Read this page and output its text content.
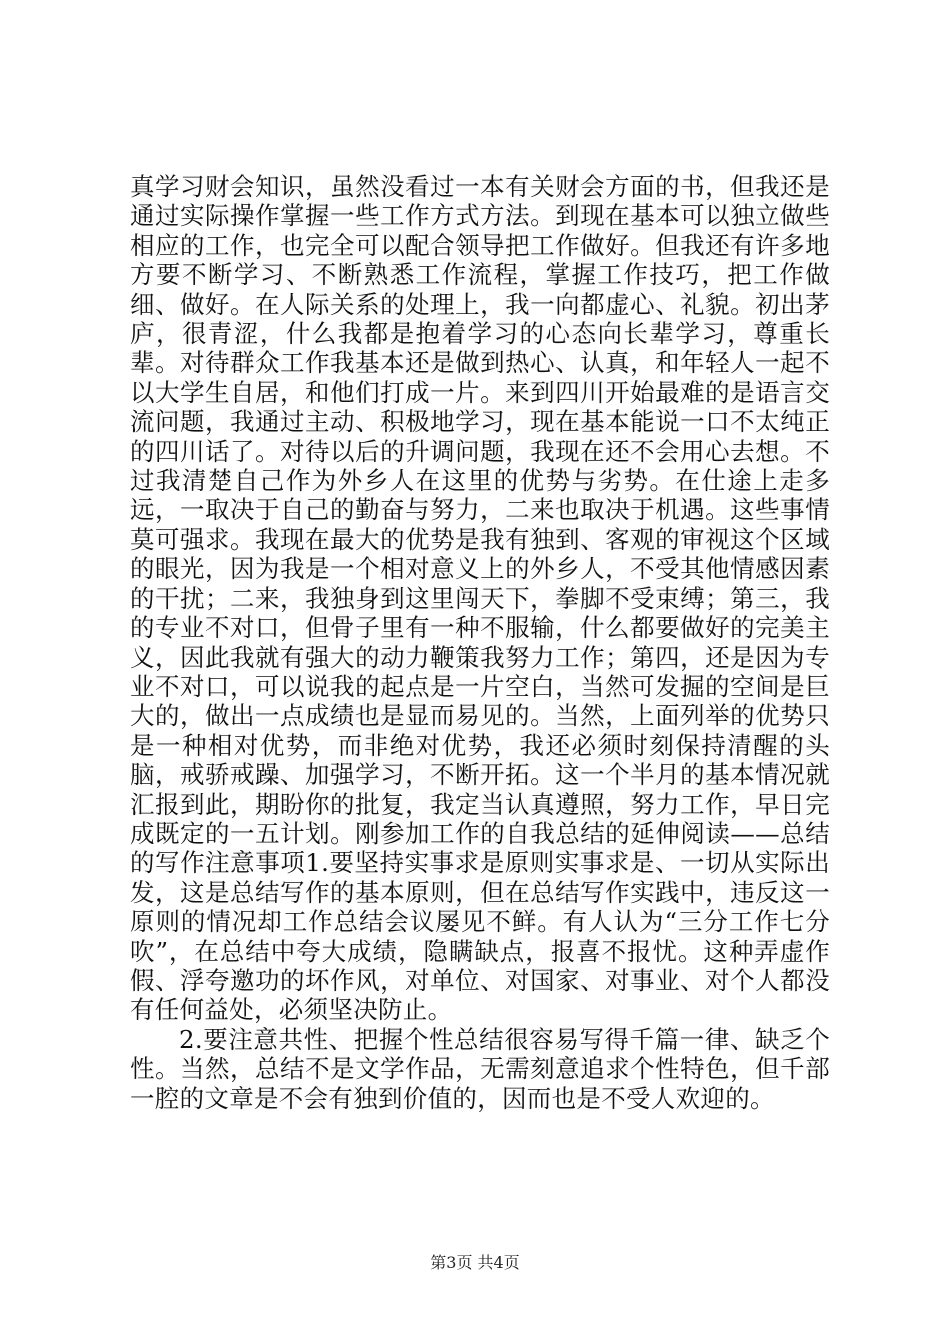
真学习财会知识，虽然没看过一本有关财会方面的书，但我还是通过实际操作掌握一些工作方式方法。到现在基本可以独立做些相应的工作，也完全可以配合领导把工作做好。但我还有许多地方要不断学习、不断熟悉工作流程，掌握工作技巧，把工作做细、做好。在人际关系的处理上，我一向都虚心、礼貌。初出茅庐，很青涩，什么我都是抱着学习的心态向长辈学习，尊重长辈。对待群众工作我基本还是做到热心、认真，和年轻人一起不以大学生自居，和他们打成一片。来到四川开始最难的是语言交流问题，我通过主动、积极地学习，现在基本能说一口不太纯正的四川话了。对待以后的升调问题，我现在还不会用心去想。不过我清楚自己作为外乡人在这里的优势与劣势。在仕途上走多远，一取决于自己的勤奋与努力，二来也取决于机遇。这些事情莫可强求。我现在最大的优势是我有独到、客观的审视这个区域的眼光，因为我是一个相对意义上的外乡人，不受其他情感因素的干扰；二来，我独身到这里闯天下，拳脚不受束缚；第三，我的专业不对口，但骨子里有一种不服输，什么都要做好的完美主义，因此我就有强大的动力鞭策我努力工作；第四，还是因为专业不对口，可以说我的起点是一片空白，当然可发掘的空间是巨大的，做出一点成绩也是显而易见的。当然，上面列举的优势只是一种相对优势，而非绝对优势，我还必须时刻保持清醒的头脑，戒骄戒躁、加强学习，不断开拓。这一个半月的基本情况就汇报到此，期盼你的批复，我定当认真遵照，努力工作，早日完成既定的一五计划。刚参加工作的自我总结的延伸阅读——总结的写作注意事项1.要坚持实事求是原则实事求是、一切从实际出发，这是总结写作的基本原则，但在总结写作实践中，违反这一原则的情况却工作总结会议屡见不鲜。有人认为“三分工作七分吹”，在总结中夸大成绩，隐瞒缺点，报喜不报忧。这种弄虚作假、浮夸邀功的坏作风，对单位、对国家、对事业、对个人都没有任何益处，必须坚决防止。

2.要注意共性、把握个性总结很容易写得千篇一律、缺乏个性。当然，总结不是文学作品，无需刻意追求个性特色，但千部一腔的文章是不会有独到价值的，因而也是不受人欢迎的。

第3页 共4页
